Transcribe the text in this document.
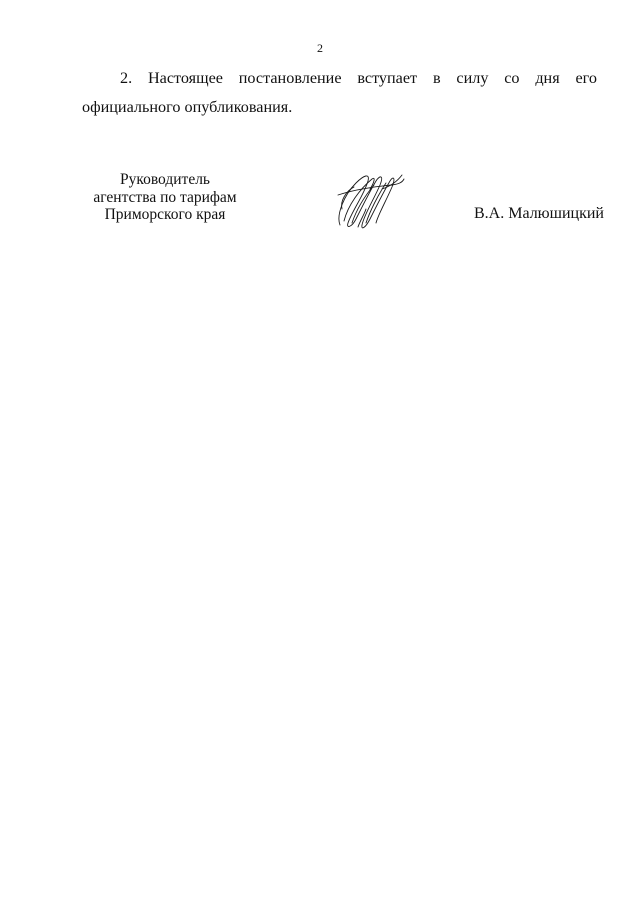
2

2. Настоящее постановление вступает в силу со дня его официального опубликования.

Руководитель
агентства по тарифам
Приморского края	В.А. Малюшицкий
